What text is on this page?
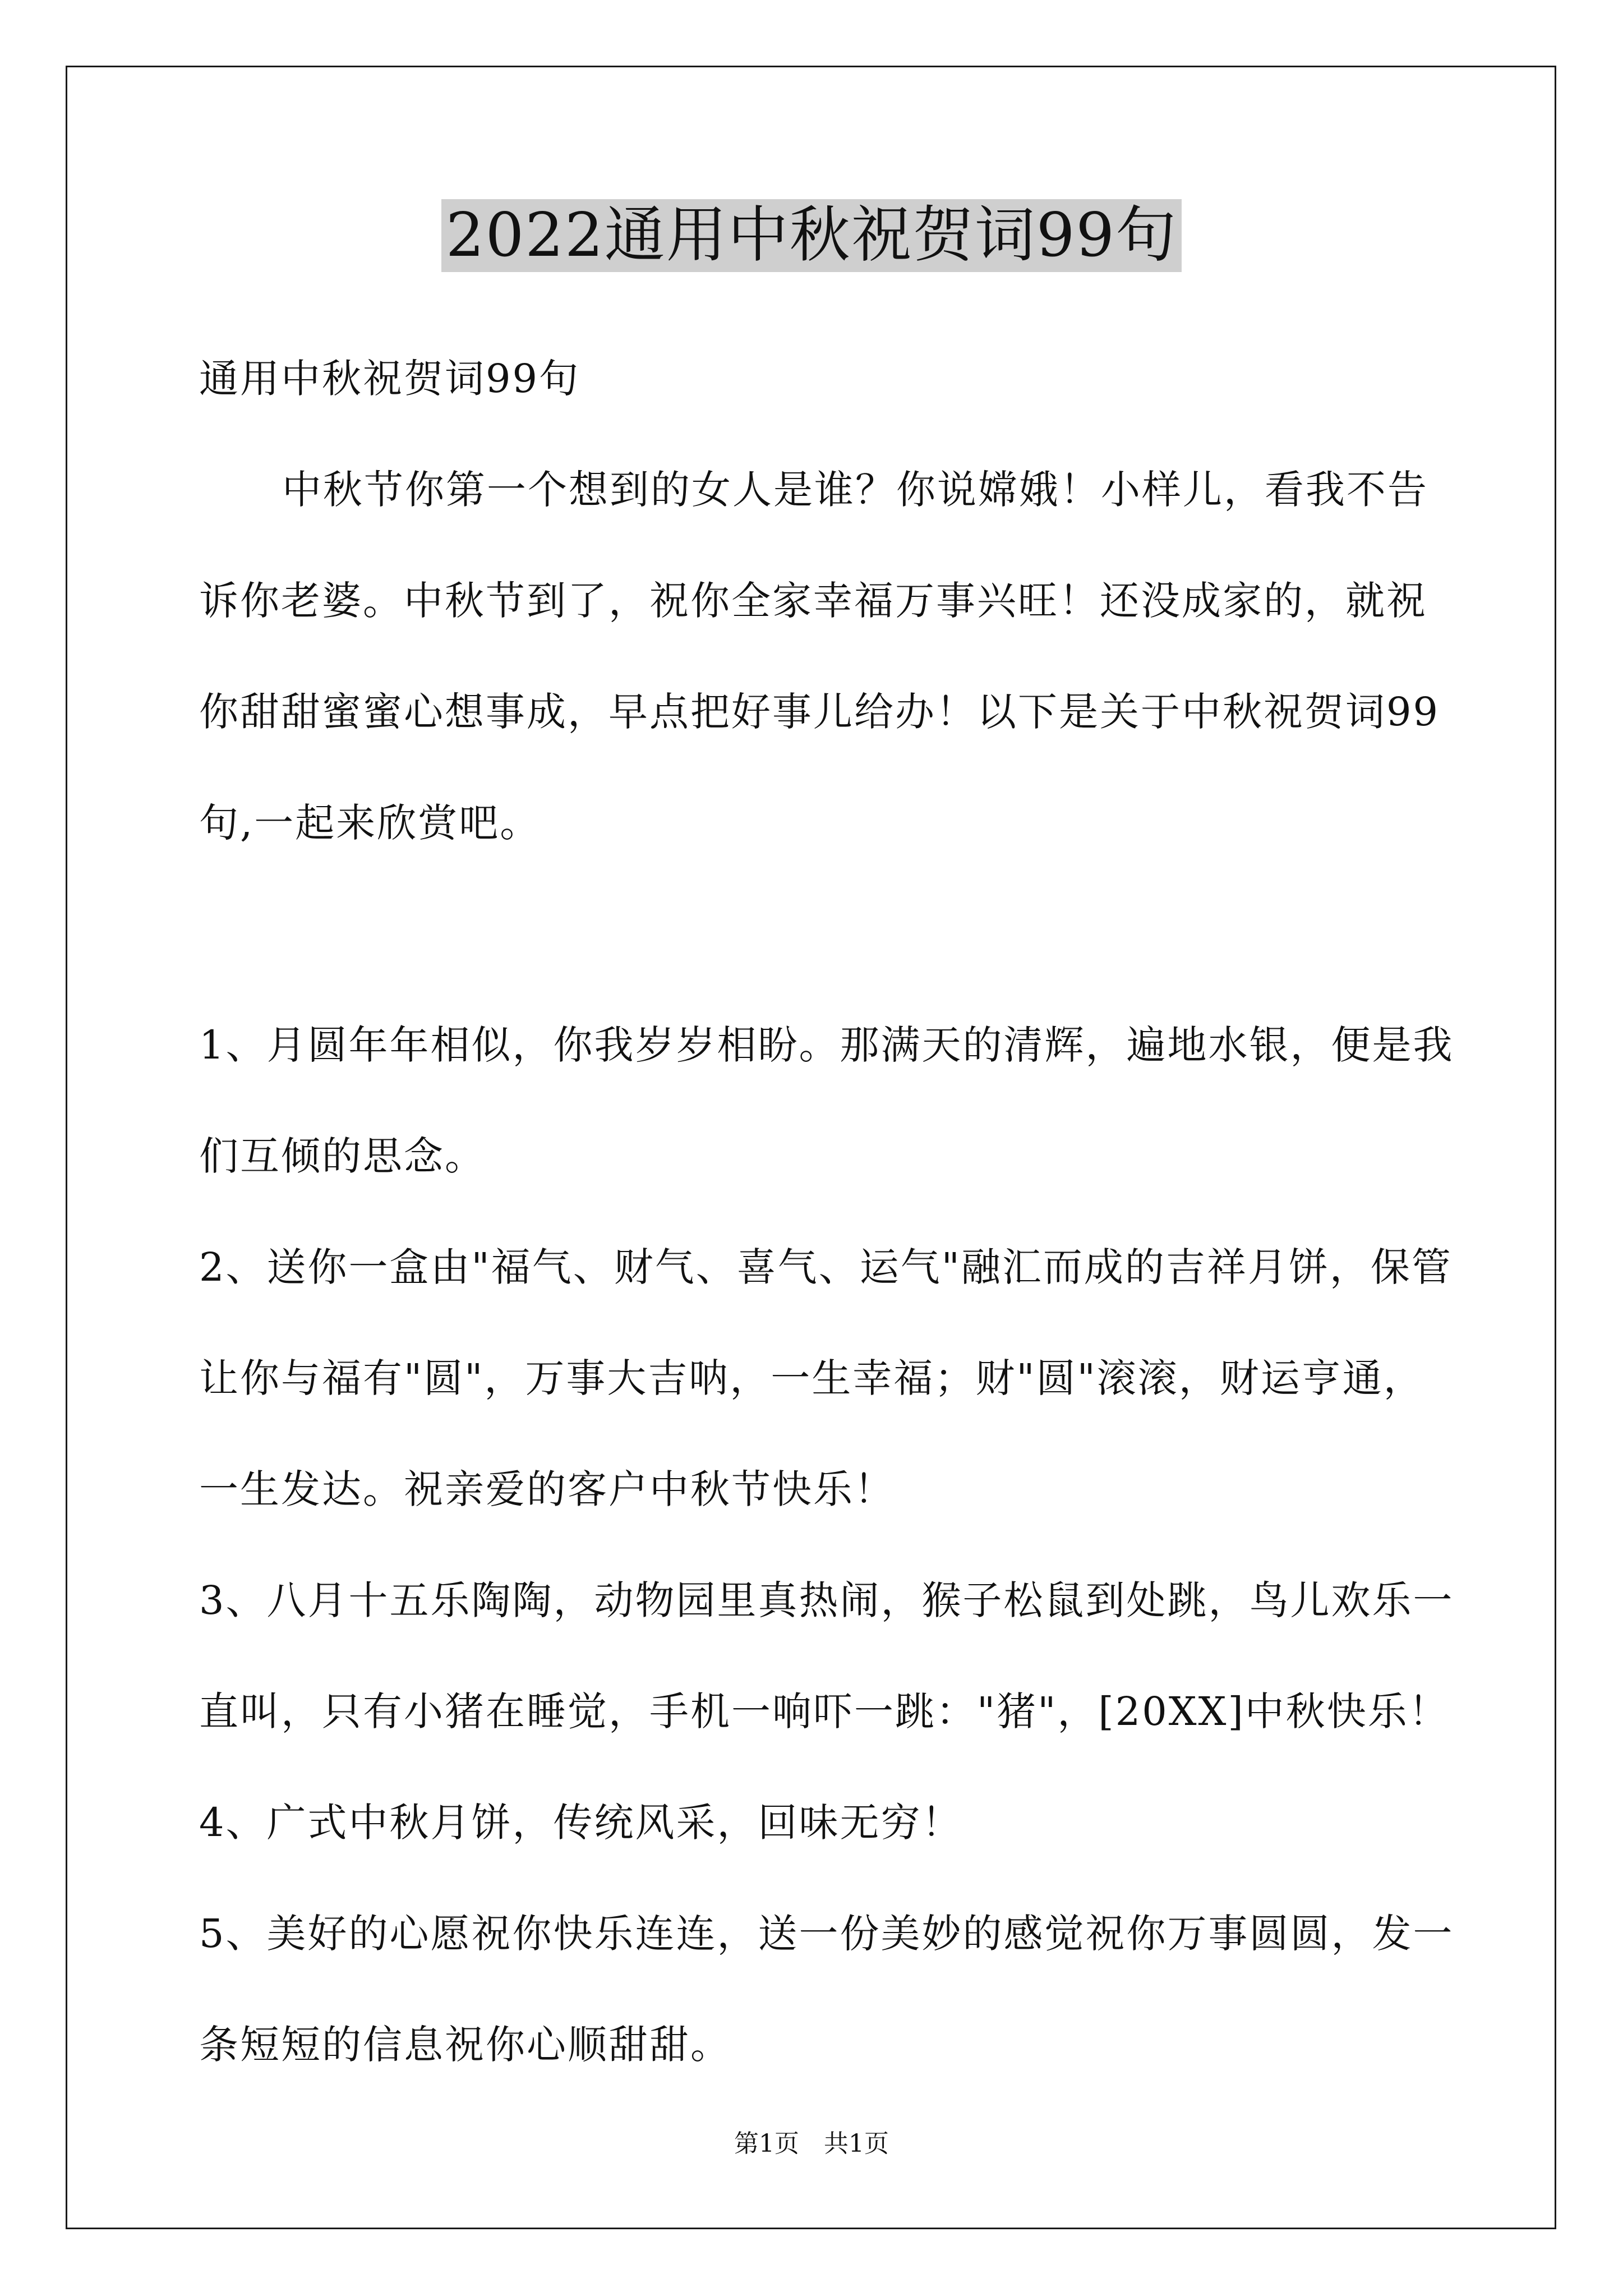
2022通用中秋祝贺词99句
通用中秋祝贺词99句
中秋节你第一个想到的女人是谁？你说嫦娥！小样儿，看我不告
诉你老婆。中秋节到了，祝你全家幸福万事兴旺！还没成家的，就祝
你甜甜蜜蜜心想事成，早点把好事儿给办！以下是关于中秋祝贺词99
句,一起来欣赏吧。
1、月圆年年相似，你我岁岁相盼。那满天的清辉，遍地水银，便是我
们互倾的思念。
2、送你一盒由"福气、财气、喜气、运气"融汇而成的吉祥月饼，保管
让你与福有"圆"，万事大吉呐，一生幸福；财"圆"滚滚，财运亨通，
一生发达。祝亲爱的客户中秋节快乐！
3、八月十五乐陶陶，动物园里真热闹，猴子松鼠到处跳，鸟儿欢乐一
直叫，只有小猪在睡觉，手机一响吓一跳："猪"，[20XX]中秋快乐！
4、广式中秋月饼，传统风采，回味无穷！
5、美好的心愿祝你快乐连连，送一份美妙的感觉祝你万事圆圆，发一
条短短的信息祝你心顺甜甜。
第1页　共1页
